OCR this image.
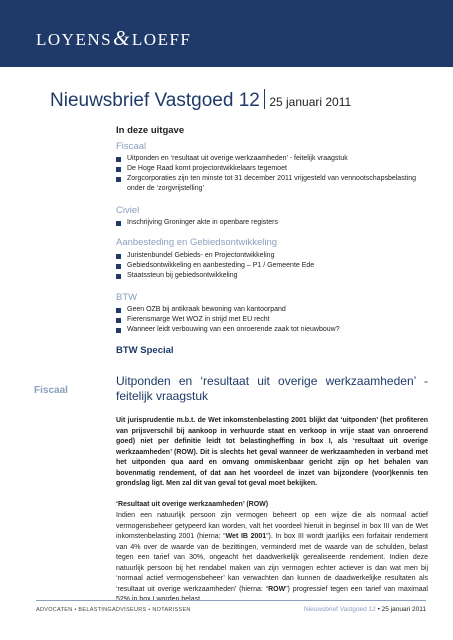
LOYENS&LOEFF
Nieuwsbrief Vastgoed 12 25 januari 2011
In deze uitgave
Fiscaal
Uitponden en ‘resultaat uit overige werkzaamheden’ - feitelijk vraagstuk
De Hoge Raad komt projectontwikkelaars tegemoet
Zorgcorporaties zijn ten minste tot 31 december 2011 vrijgesteld van vennootschapsbelasting
onder de ‘zorgvrijstelling’
Civiel
Inschrijving Groninger akte in openbare registers
Aanbesteding en Gebiedsontwikkeling
Juristenbundel Gebieds- en Projectontwikkeling
Gebiedsontwikkeling en aanbesteding – P1 / Gemeente Ede
Staatssteun bij gebiedsontwikkeling
BTW
Geen OZB bij antikraak bewoning van kantoorpand
Fierensmarge Wet WOZ in strijd met EU recht
Wanneer leidt verbouwing van een onroerende zaak tot nieuwbouw?
BTW Special
Fiscaal
Uitponden en ‘resultaat uit overige werkzaamheden’ - feitelijk vraagstuk
Uit jurisprudentie m.b.t. de Wet inkomstenbelasting 2001 blijkt dat ‘uitponden’ (het profiteren van prijsverschil bij aankoop in verhuurde staat en verkoop in vrije staat van onroerend goed) niet per definitie leidt tot belastingheffing in box I, als ‘resultaat uit overige werkzaamheden’ (ROW). Dit is slechts het geval wanneer de werkzaamheden in verband met het uitponden qua aard en omvang ommiskenbaar gericht zijn op het behalen van bovenmatig rendement, of dat aan het voordeel de inzet van bijzondere (voor)kennis ten grondslag ligt. Men zal dit van geval tot geval moet bekijken.
‘Resultaat uit overige werkzaamheden’ (ROW)
Indien een natuurlijk persoon zijn vermogen beheert op een wijze die als normaal actief vermogensbeheer getypeerd kan worden, valt het voordeel hieruit in beginsel in box III van de Wet inkomstenbelasting 2001 (hierna: “Wet IB 2001”). In box III wordt jaarlijks een forfaitair rendement van 4% over de waarde van de bezittingen, verminderd met de waarde van de schulden, belast tegen een tarief van 30%, ongeacht het daadwerkelijk gerealiseerde rendement. Indien deze natuurlijk persoon bij het rendabel maken van zijn vermogen echter actiever is dan wat men bij ‘normaal actief vermogensbeheer’ kan verwachten dan kunnen de daadwerkelijke resultaten als ‘resultaat uit overige werkzaamheden’ (hierna: “ROW”) progressief tegen een tarief van maximaal 52% in box I worden belast.
ADVOCATEN • BELASTINGADVISEURS • NOTARISSEN	Nieuwsbrief Vastgoed 12 • 25 januari 2011
